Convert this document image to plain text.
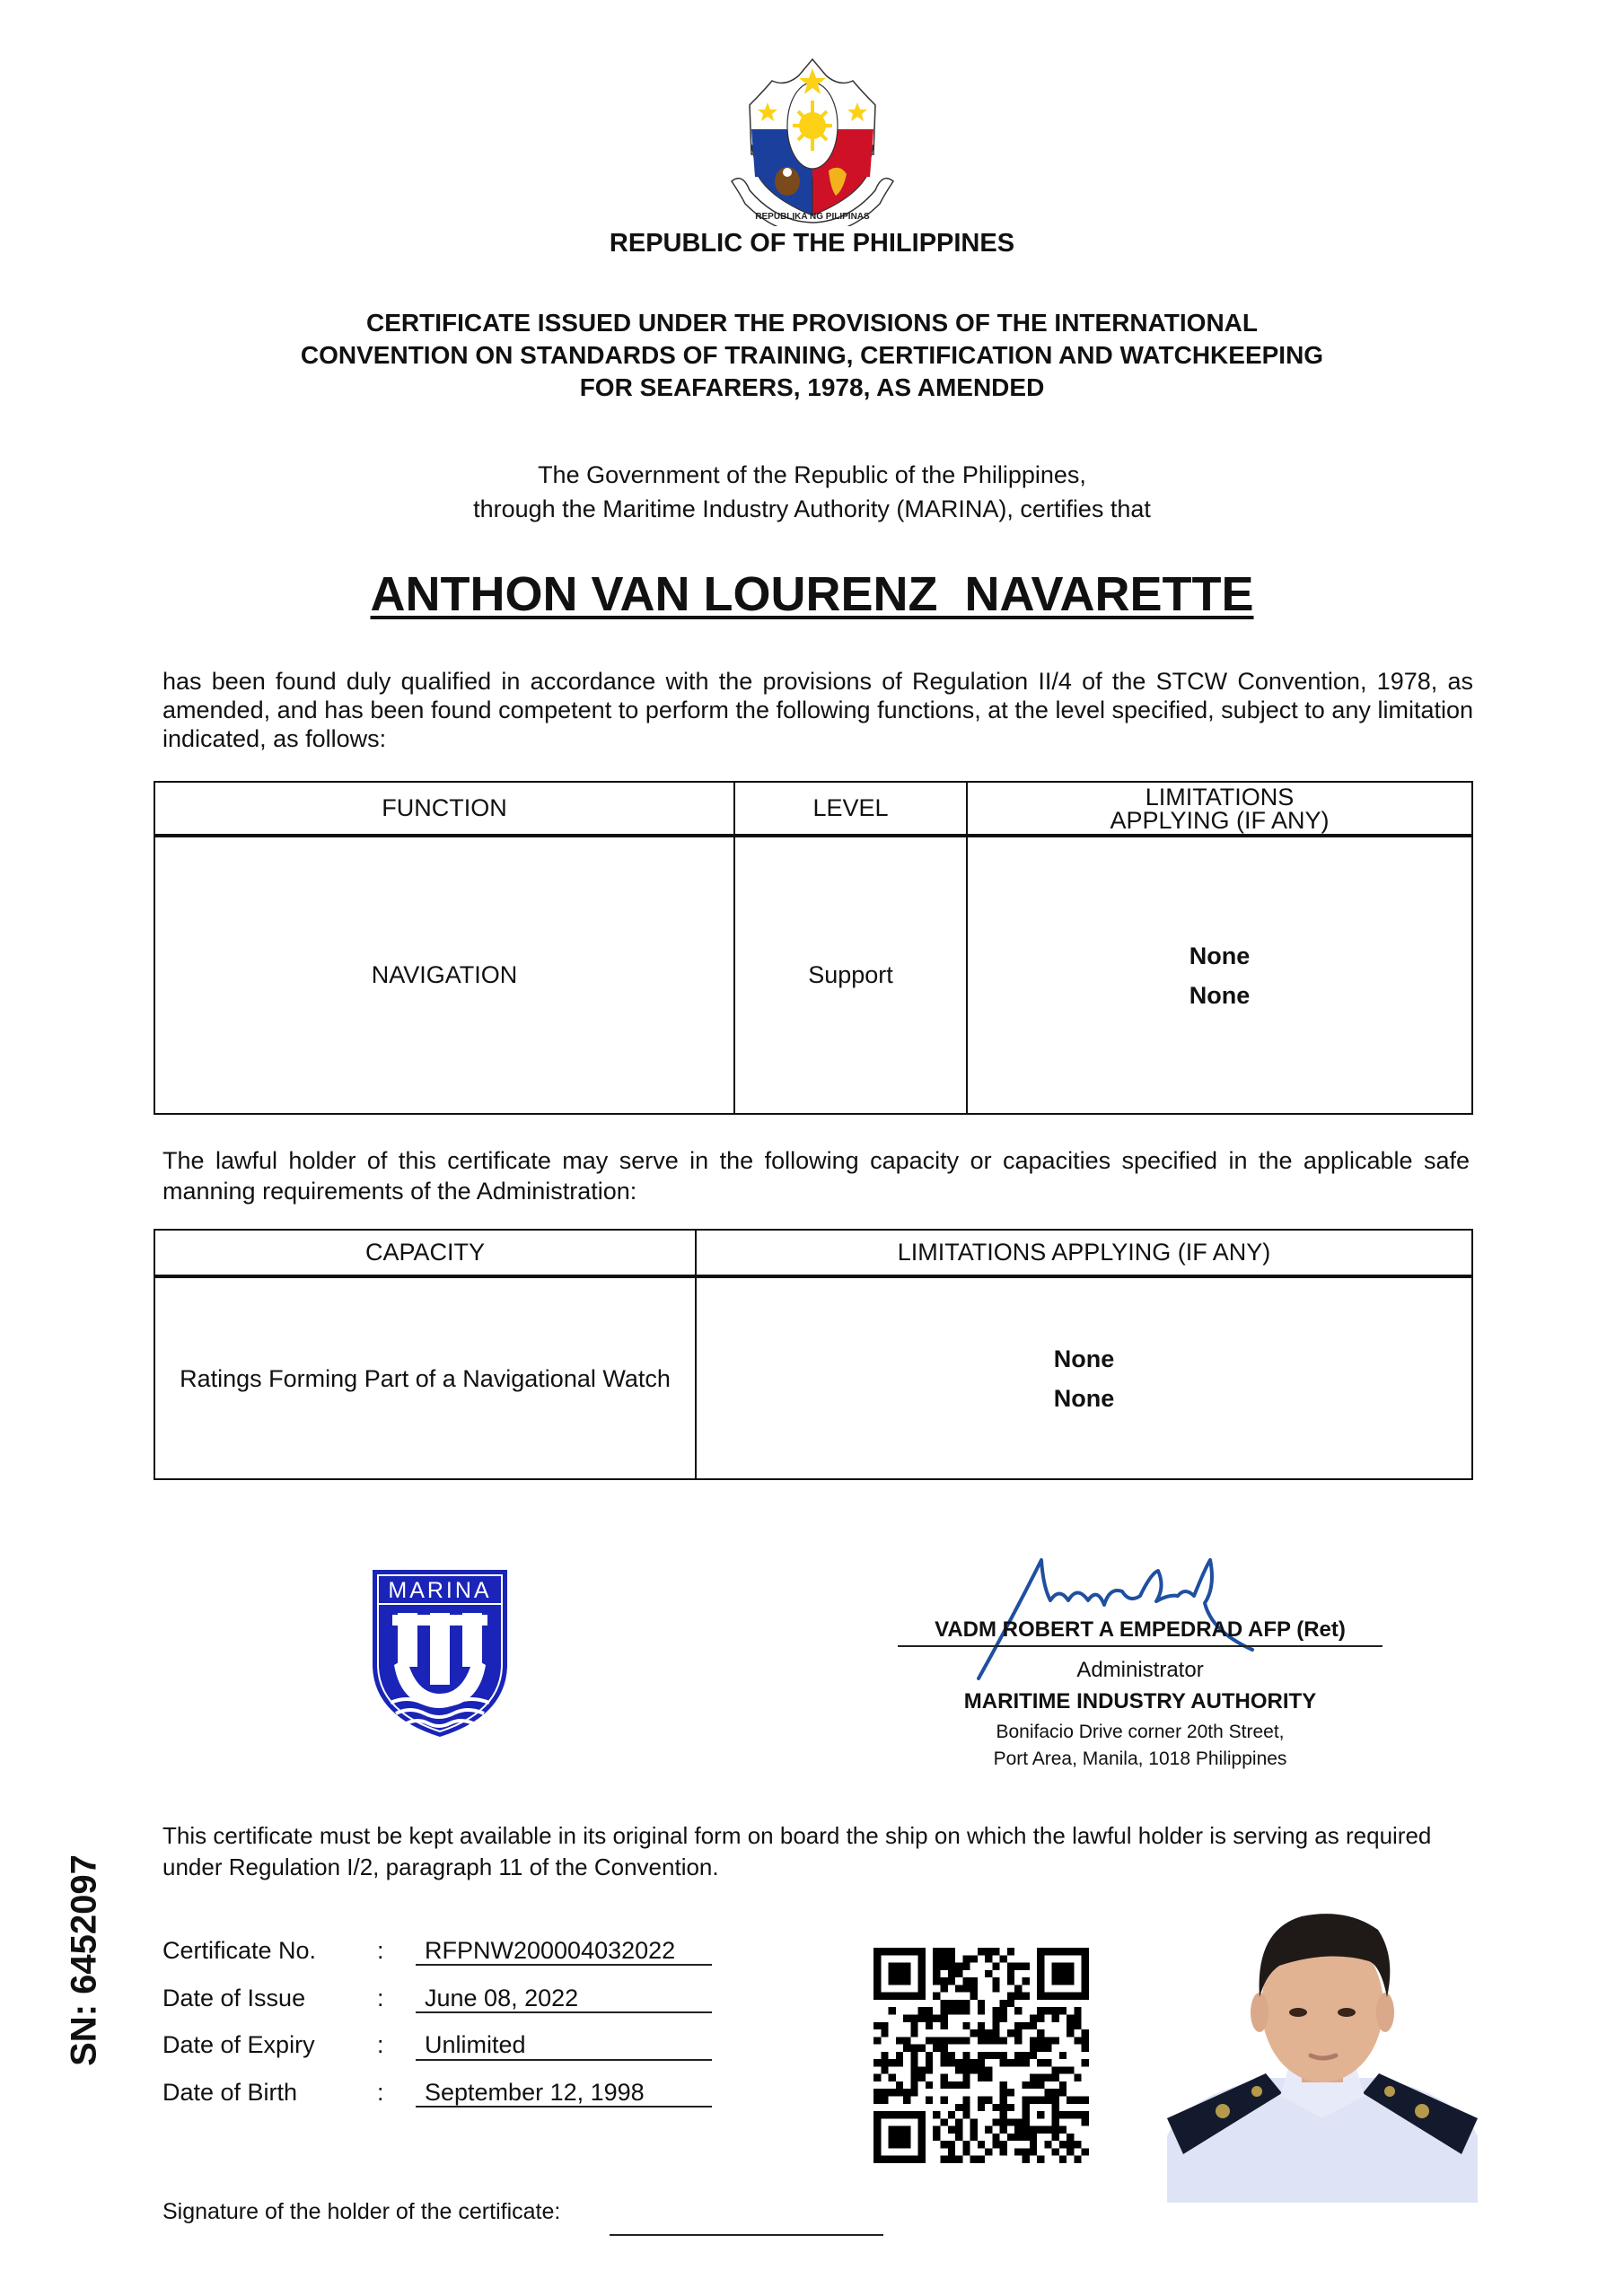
REPUBLIKA NG PILIPINAS
REPUBLIC OF THE PHILIPPINES
CERTIFICATE ISSUED UNDER THE PROVISIONS OF THE INTERNATIONAL
CONVENTION ON STANDARDS OF TRAINING, CERTIFICATION AND WATCHKEEPING
FOR SEAFARERS, 1978, AS AMENDED
The Government of the Republic of the Philippines,
through the Maritime Industry Authority (MARINA), certifies that
ANTHON VAN LOURENZ  NAVARETTE
has been found duly qualified in accordance with the provisions of Regulation II/4 of the STCW Convention, 1978, as amended, and has been found competent to perform the following functions, at the level specified, subject to any limitation indicated, as follows:
FUNCTION	LEVEL	LIMITATIONS
APPLYING (IF ANY)

NAVIGATION	Support	None
None
The lawful holder of this certificate may serve in the following capacity or capacities specified in the applicable safe manning requirements of the Administration:
CAPACITY	LIMITATIONS APPLYING (IF ANY)
Ratings Forming Part of a Navigational Watch	None
None
MARINA
VADM ROBERT A EMPEDRAD AFP (Ret)
Administrator
MARITIME INDUSTRY AUTHORITY
Bonifacio Drive corner 20th Street,
Port Area, Manila, 1018 Philippines
This certificate must be kept available in its original form on board the ship on which the lawful holder is serving as required under Regulation I/2, paragraph 11 of the Convention.
SN: 6452097 Certificate No.	: RFPNW200004032022
Date of Issue	: June 08, 2022
Date of Expiry	: Unlimited
Date of Birth	: September 12, 1998
Signature of the holder of the certificate:
